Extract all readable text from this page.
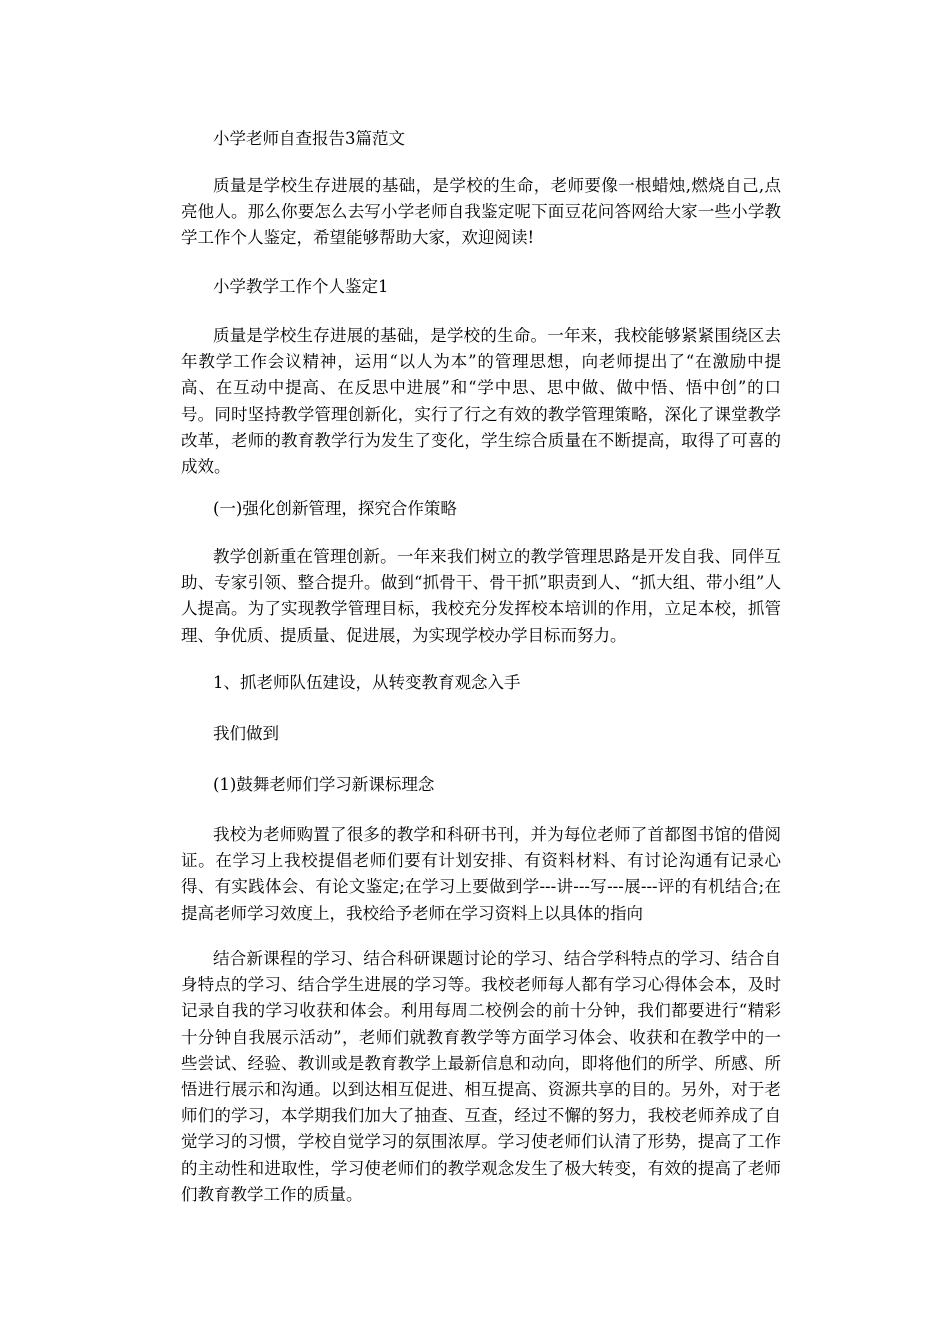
小学老师自查报告3篇范文
质量是学校生存进展的基础，是学校的生命，老师要像一根蜡烛,燃烧自己,点亮他人。那么你要怎么去写小学老师自我鉴定呢下面豆花问答网给大家一些小学教学工作个人鉴定，希望能够帮助大家，欢迎阅读!
小学教学工作个人鉴定1
质量是学校生存进展的基础，是学校的生命。一年来，我校能够紧紧围绕区去年教学工作会议精神，运用“以人为本”的管理思想，向老师提出了“在激励中提高、在互动中提高、在反思中进展”和“学中思、思中做、做中悟、悟中创”的口号。同时坚持教学管理创新化，实行了行之有效的教学管理策略，深化了课堂教学改革，老师的教育教学行为发生了变化，学生综合质量在不断提高，取得了可喜的成效。
(一)强化创新管理，探究合作策略
教学创新重在管理创新。一年来我们树立的教学管理思路是开发自我、同伴互助、专家引领、整合提升。做到“抓骨干、骨干抓”职责到人、“抓大组、带小组”人人提高。为了实现教学管理目标，我校充分发挥校本培训的作用，立足本校，抓管理、争优质、提质量、促进展，为实现学校办学目标而努力。
1、抓老师队伍建设，从转变教育观念入手
我们做到
(1)鼓舞老师们学习新课标理念
我校为老师购置了很多的教学和科研书刊，并为每位老师了首都图书馆的借阅证。在学习上我校提倡老师们要有计划安排、有资料材料、有讨论沟通有记录心得、有实践体会、有论文鉴定;在学习上要做到学---讲---写---展---评的有机结合;在提高老师学习效度上，我校给予老师在学习资料上以具体的指向
结合新课程的学习、结合科研课题讨论的学习、结合学科特点的学习、结合自身特点的学习、结合学生进展的学习等。我校老师每人都有学习心得体会本，及时记录自我的学习收获和体会。利用每周二校例会的前十分钟，我们都要进行“精彩十分钟自我展示活动”，老师们就教育教学等方面学习体会、收获和在教学中的一些尝试、经验、教训或是教育教学上最新信息和动向，即将他们的所学、所感、所悟进行展示和沟通。以到达相互促进、相互提高、资源共享的目的。另外，对于老师们的学习，本学期我们加大了抽查、互查，经过不懈的努力，我校老师养成了自觉学习的习惯，学校自觉学习的氛围浓厚。学习使老师们认清了形势，提高了工作的主动性和进取性，学习使老师们的教学观念发生了极大转变，有效的提高了老师们教育教学工作的质量。
